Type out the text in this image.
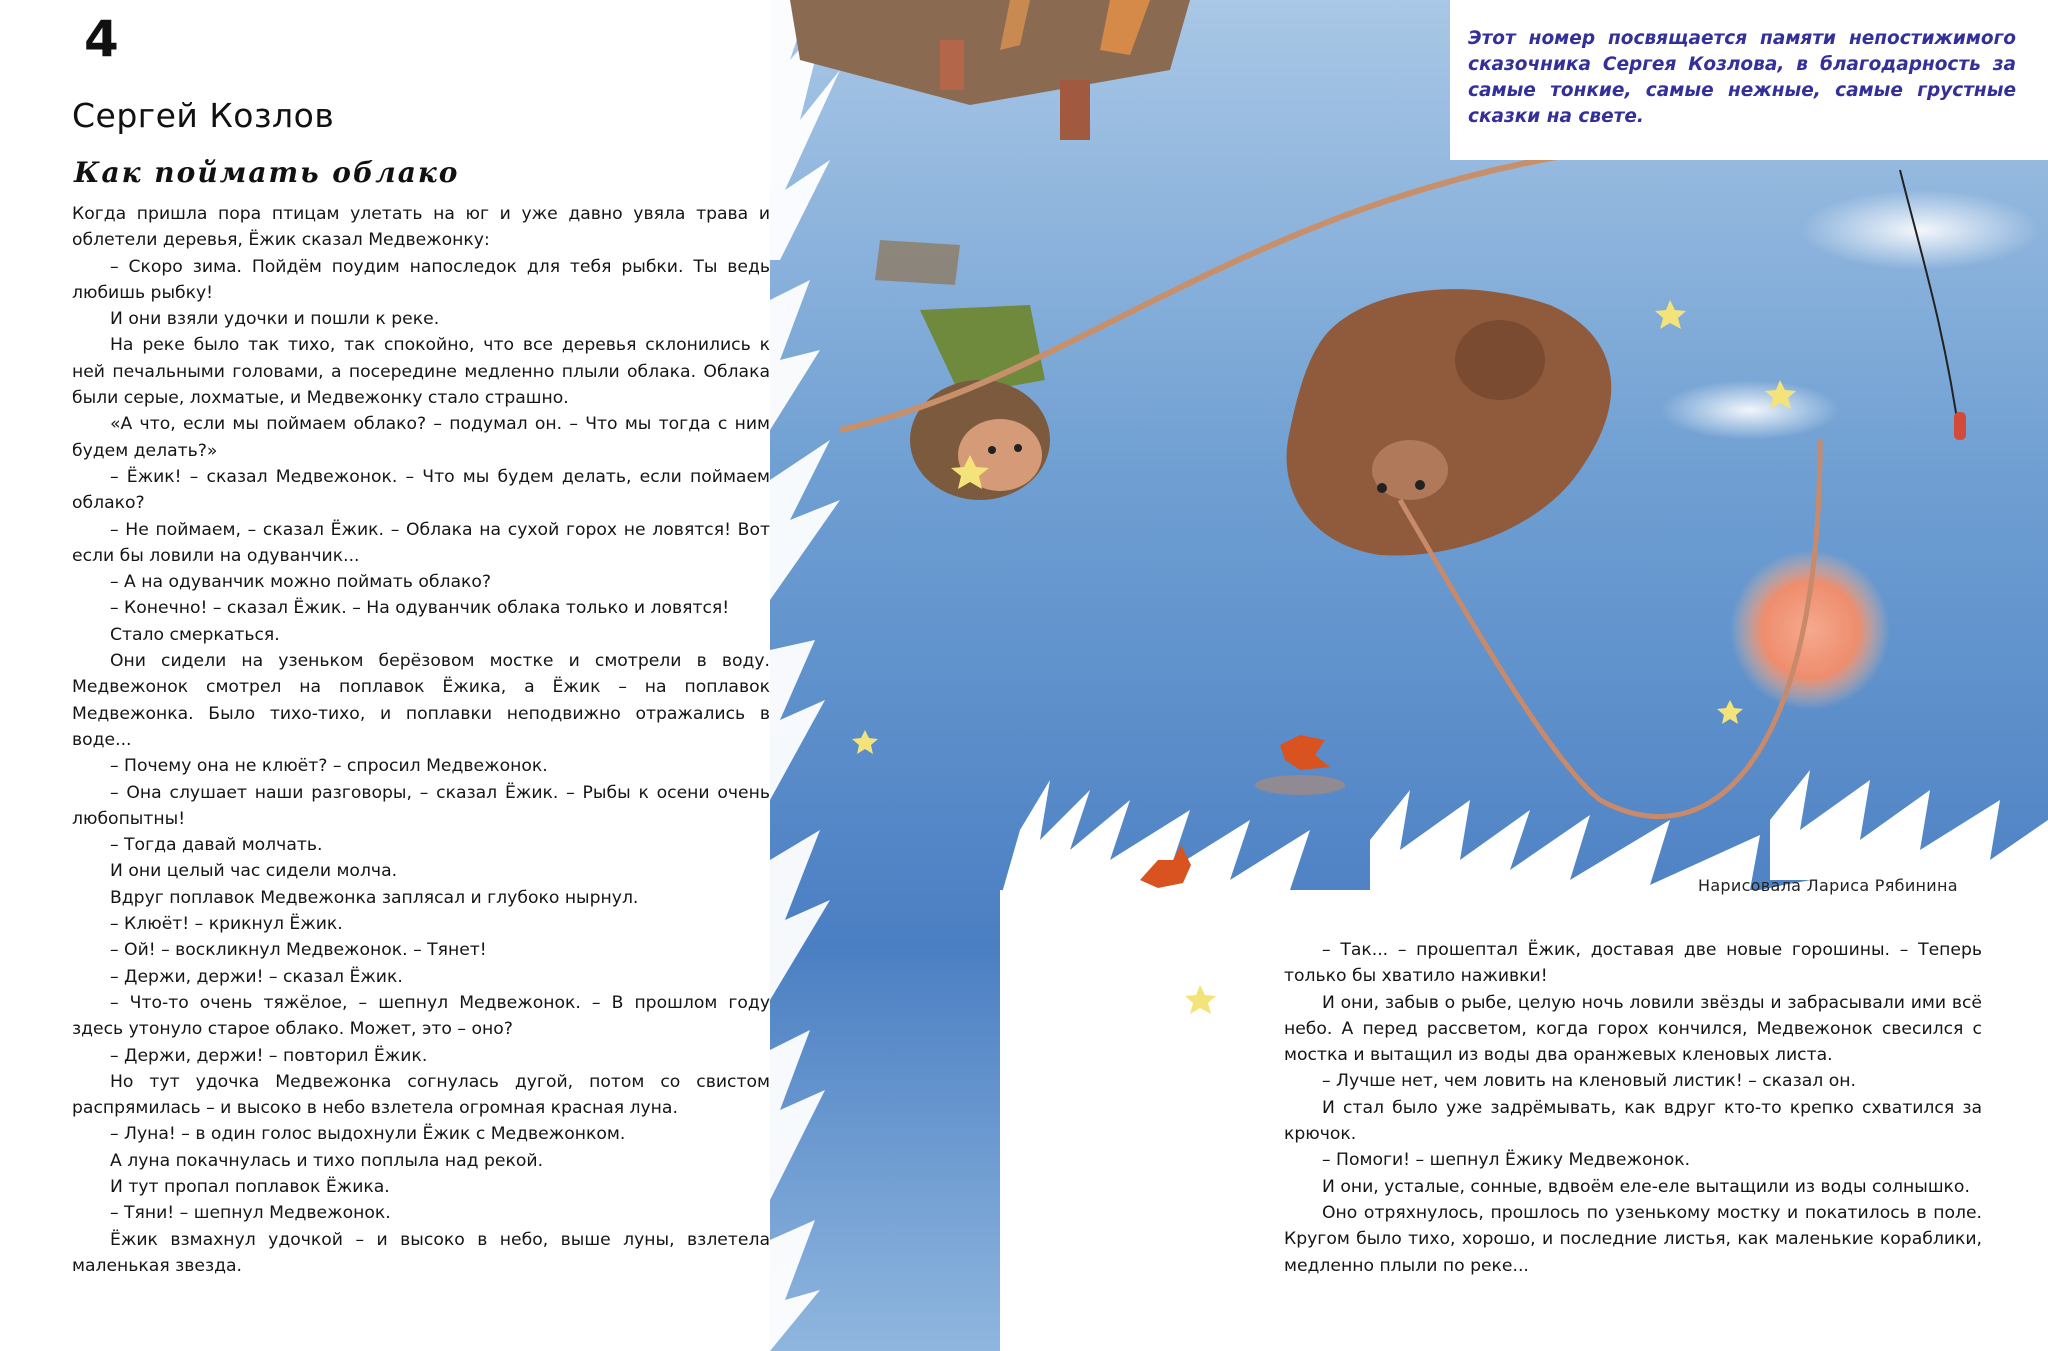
4
Сергей Козлов
Как поймать облако

Когда пришла пора птицам улетать на юг и уже давно увяла трава и облетели деревья, Ёжик сказал Медвежонку:

– Скоро зима. Пойдём поудим напоследок для тебя рыбки. Ты ведь любишь рыбку!

И они взяли удочки и пошли к реке.

На реке было так тихо, так спокойно, что все деревья склонились к ней печальными головами, а посередине медленно плыли облака. Облака были серые, лохматые, и Медвежонку стало страшно.

«А что, если мы поймаем облако? – подумал он. – Что мы тогда с ним будем делать?»

– Ёжик! – сказал Медвежонок. – Что мы будем делать, если поймаем облако?

– Не поймаем, – сказал Ёжик. – Облака на сухой горох не ловятся! Вот если бы ловили на одуванчик...

– А на одуванчик можно поймать облако?

– Конечно! – сказал Ёжик. – На одуванчик облака только и ловятся!

Стало смеркаться.

Они сидели на узеньком берёзовом мостке и смотрели в воду. Медвежонок смотрел на поплавок Ёжика, а Ёжик – на поплавок Медвежонка. Было тихо-тихо, и поплавки неподвижно отражались в воде...

– Почему она не клюёт? – спросил Медвежонок.

– Она слушает наши разговоры, – сказал Ёжик. – Рыбы к осени очень любопытны!

– Тогда давай молчать.

И они целый час сидели молча.

Вдруг поплавок Медвежонка заплясал и глубоко нырнул.

– Клюёт! – крикнул Ёжик.

– Ой! – воскликнул Медвежонок. – Тянет!

– Держи, держи! – сказал Ёжик.

– Что-то очень тяжёлое, – шепнул Медвежонок. – В прошлом году здесь утонуло старое облако. Может, это – оно?

– Держи, держи! – повторил Ёжик.

Но тут удочка Медвежонка согнулась дугой, потом со свистом распрямилась – и высоко в небо взлетела огромная красная луна.

– Луна! – в один голос выдохнули Ёжик с Медвежонком.

А луна покачнулась и тихо поплыла над рекой.

И тут пропал поплавок Ёжика.

– Тяни! – шепнул Медвежонок.

Ёжик взмахнул удочкой – и высоко в небо, выше луны, взлетела маленькая звезда.

Этот номер посвящается памяти непостижимого сказочника Сергея Козлова, в благодарность за самые тонкие, самые нежные, самые грустные сказки на свете.
Нарисовала Лариса Рябинина

– Так... – прошептал Ёжик, доставая две новые горошины. – Теперь только бы хватило наживки!

И они, забыв о рыбе, целую ночь ловили звёзды и забрасывали ими всё небо. А перед рассветом, когда горох кончился, Медвежонок свесился с мостка и вытащил из воды два оранжевых кленовых листа.

– Лучше нет, чем ловить на кленовый листик! – сказал он.

И стал было уже задрёмывать, как вдруг кто-то крепко схватился за крючок.

– Помоги! – шепнул Ёжику Медвежонок.

И они, усталые, сонные, вдвоём еле-еле вытащили из воды солнышко.

Оно отряхнулось, прошлось по узенькому мостку и покатилось в поле. Кругом было тихо, хорошо, и последние листья, как маленькие кораблики, медленно плыли по реке...
